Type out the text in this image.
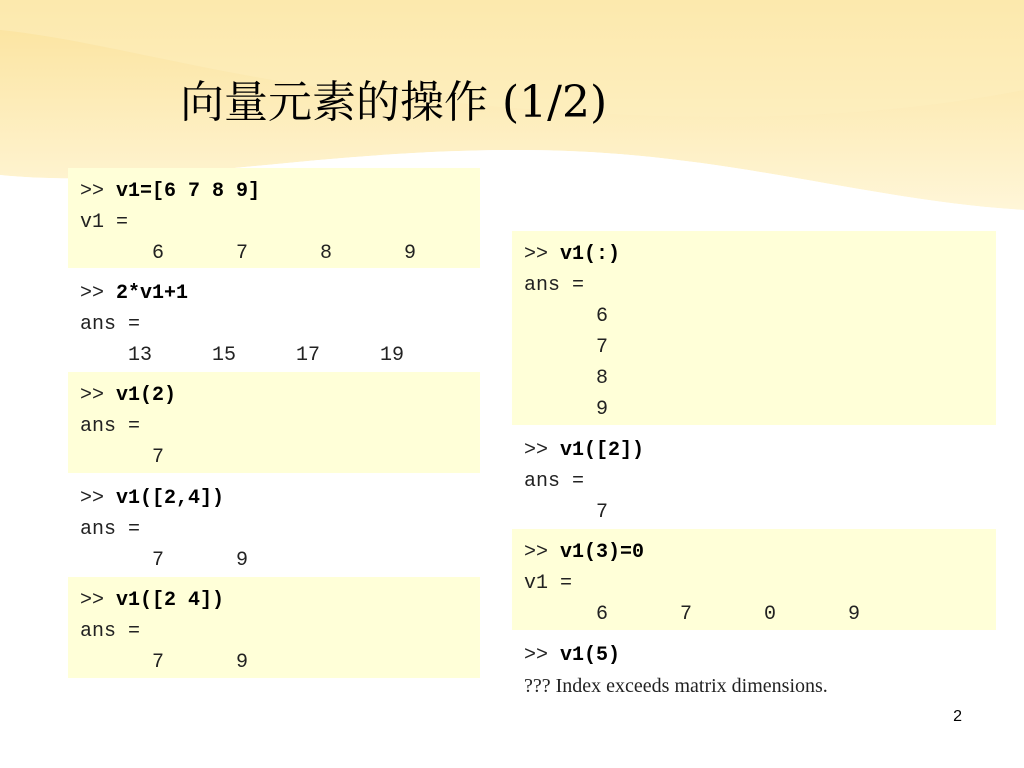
向量元素的操作 (1/2)
>> v1=[6 7 8 9]
v1 =
6      7      8      9
>> 2*v1+1
ans =
13     15     17     19
>> v1(2)
ans =
7
>> v1([2,4])
ans =
7      9
>> v1([2 4])
ans =
7      9
>> v1(:)
ans =
6
7
8
9
>> v1([2])
ans =
7
>> v1(3)=0
v1 =
6      7      0      9
>> v1(5)
??? Index exceeds matrix dimensions.
2
